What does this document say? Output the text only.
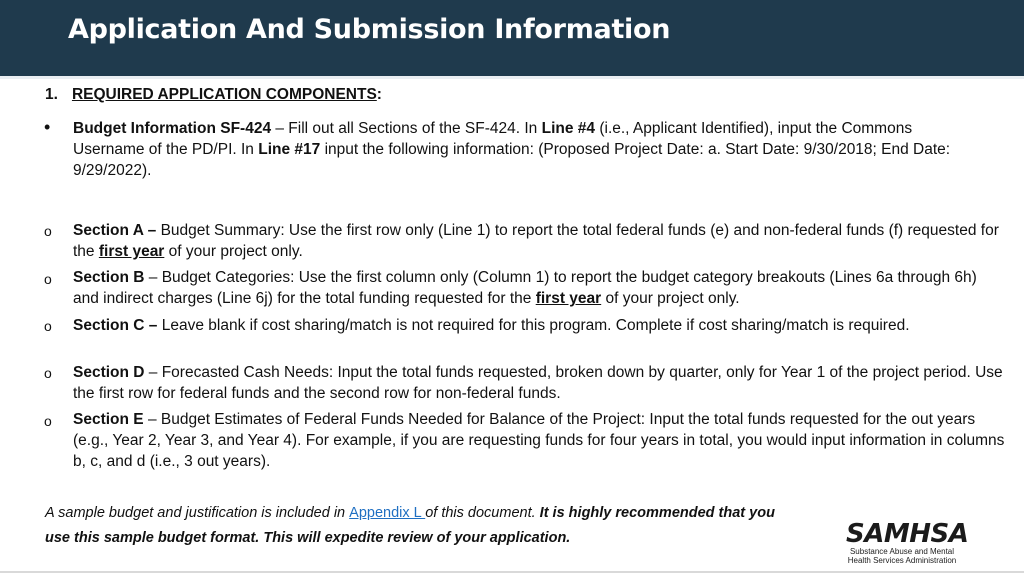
Application And Submission Information
1. REQUIRED APPLICATION COMPONENTS:
• Budget Information SF-424 – Fill out all Sections of the SF-424. In Line #4 (i.e., Applicant Identified), input the Commons Username of the PD/PI. In Line #17 input the following information: (Proposed Project Date: a. Start Date: 9/30/2018; End Date: 9/29/2022).
o Section A – Budget Summary: Use the first row only (Line 1) to report the total federal funds (e) and non-federal funds (f) requested for the first year of your project only.
o Section B – Budget Categories: Use the first column only (Column 1) to report the budget category breakouts (Lines 6a through 6h) and indirect charges (Line 6j) for the total funding requested for the first year of your project only.
o Section C – Leave blank if cost sharing/match is not required for this program. Complete if cost sharing/match is required.
o Section D – Forecasted Cash Needs: Input the total funds requested, broken down by quarter, only for Year 1 of the project period. Use the first row for federal funds and the second row for non-federal funds.
o Section E – Budget Estimates of Federal Funds Needed for Balance of the Project: Input the total funds requested for the out years (e.g., Year 2, Year 3, and Year 4). For example, if you are requesting funds for four years in total, you would input information in columns b, c, and d (i.e., 3 out years).
A sample budget and justification is included in Appendix L of this document. It is highly recommended that you
use this sample budget format. This will expedite review of your application.	SAMHSA
Substance Abuse and Mental Health Services Administration
